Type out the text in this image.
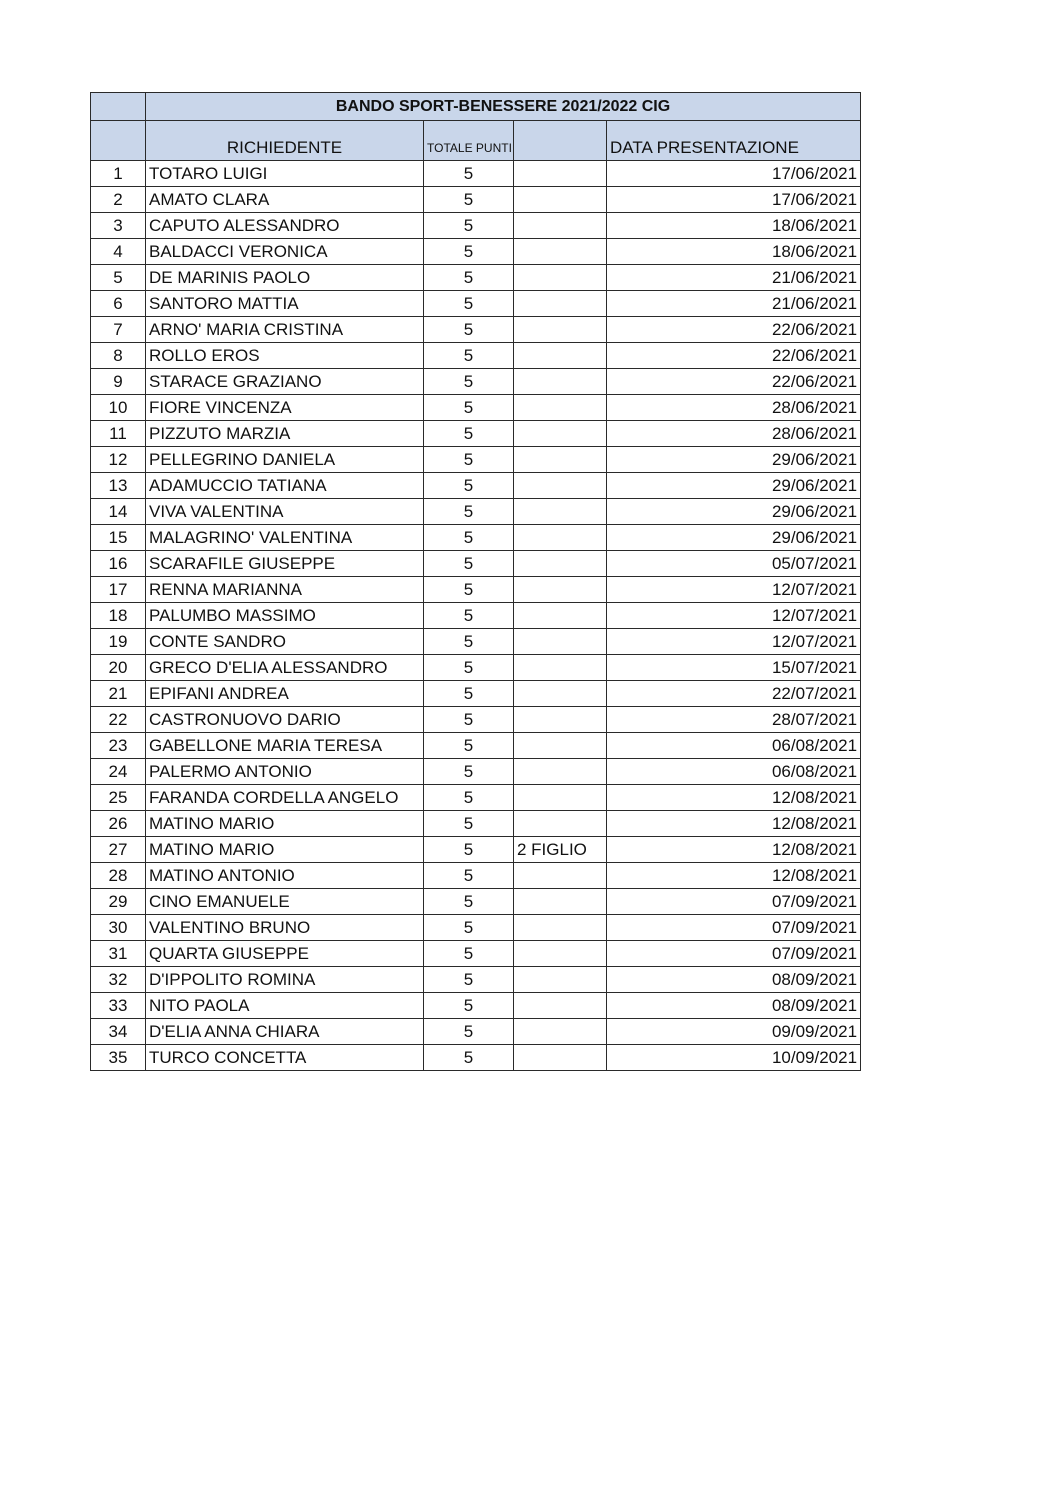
	BANDO SPORT-BENESSERE 2021/2022 CIG			
	RICHIEDENTE	TOTALE PUNTI		DATA PRESENTAZIONE
1	TOTARO LUIGI	5		17/06/2021
2	AMATO CLARA	5		17/06/2021
3	CAPUTO ALESSANDRO	5		18/06/2021
4	BALDACCI VERONICA	5		18/06/2021
5	DE MARINIS PAOLO	5		21/06/2021
6	SANTORO MATTIA	5		21/06/2021
7	ARNO' MARIA CRISTINA	5		22/06/2021
8	ROLLO EROS	5		22/06/2021
9	STARACE GRAZIANO	5		22/06/2021
10	FIORE VINCENZA	5		28/06/2021
11	PIZZUTO MARZIA	5		28/06/2021
12	PELLEGRINO DANIELA	5		29/06/2021
13	ADAMUCCIO TATIANA	5		29/06/2021
14	VIVA VALENTINA	5		29/06/2021
15	MALAGRINO' VALENTINA	5		29/06/2021
16	SCARAFILE GIUSEPPE	5		05/07/2021
17	RENNA MARIANNA	5		12/07/2021
18	PALUMBO MASSIMO	5		12/07/2021
19	CONTE SANDRO	5		12/07/2021
20	GRECO D'ELIA ALESSANDRO	5		15/07/2021
21	EPIFANI ANDREA	5		22/07/2021
22	CASTRONUOVO DARIO	5		28/07/2021
23	GABELLONE MARIA TERESA	5		06/08/2021
24	PALERMO ANTONIO	5		06/08/2021
25	FARANDA CORDELLA ANGELO	5		12/08/2021
26	MATINO MARIO	5		12/08/2021
27	MATINO MARIO	5	2 FIGLIO	12/08/2021
28	MATINO ANTONIO	5		12/08/2021
29	CINO EMANUELE	5		07/09/2021
30	VALENTINO BRUNO	5		07/09/2021
31	QUARTA GIUSEPPE	5		07/09/2021
32	D'IPPOLITO ROMINA	5		08/09/2021
33	NITO PAOLA	5		08/09/2021
34	D'ELIA ANNA CHIARA	5		09/09/2021
35	TURCO CONCETTA	5		10/09/2021
